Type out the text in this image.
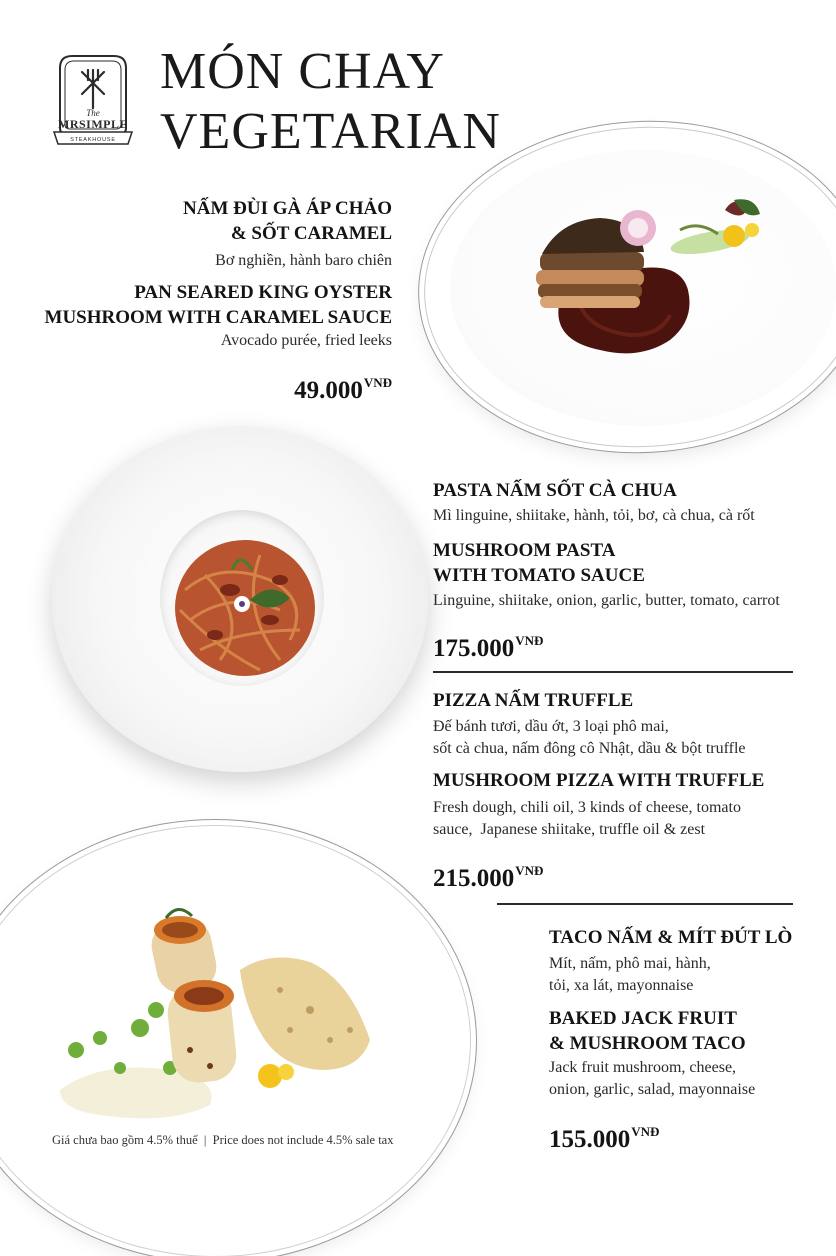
The
MRSIMPLE
STEAKHOUSE
MÓN CHAY
VEGETARIAN
NẤM ĐÙI GÀ ÁP CHẢO
& SỐT CARAMEL
Bơ nghiền, hành baro chiên
PAN SEARED KING OYSTER
MUSHROOM WITH CARAMEL SAUCE
Avocado purée, fried leeks
$49.000^{VNĐ}$
PASTA NẤM SỐT CÀ CHUA
Mì linguine, shiitake, hành, tỏi, bơ, cà chua, cà rốt
MUSHROOM PASTA
WITH TOMATO SAUCE
Linguine, shiitake, onion, garlic, butter, tomato, carrot
$175.000^{VNĐ}$
PIZZA NẤM TRUFFLE
Đế bánh tươi, dầu ớt, 3 loại phô mai,
sốt cà chua, nấm đông cô Nhật, dầu & bột truffle
MUSHROOM PIZZA WITH TRUFFLE
Fresh dough, chili oil, 3 kinds of cheese, tomato
sauce,  Japanese shiitake, truffle oil & zest
$215.000^{VNĐ}$
TACO NẤM & MÍT ĐÚT LÒ
Mít, nấm, phô mai, hành,
tỏi, xa lát, mayonnaise
BAKED JACK FRUIT
& MUSHROOM TACO
Jack fruit mushroom, cheese,
onion, garlic, salad, mayonnaise
$155.000^{VNĐ}$
Giá chưa bao gồm 4.5% thuế  |  Price does not include 4.5% sale tax
